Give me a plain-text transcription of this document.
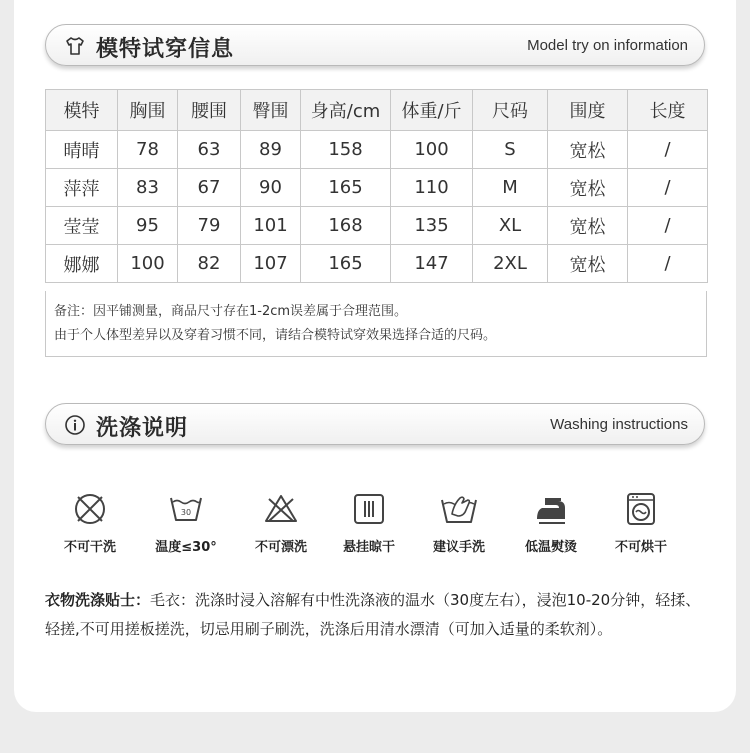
模特试穿信息	Model try on information
模特	胸围	腰围	臀围	身高/cm	体重/斤	尺码	围度	长度
晴晴	78	63	89	158	100	S	宽松	/
萍萍	83	67	90	165	110	M	宽松	/
莹莹	95	79	101	168	135	XL	宽松	/
娜娜	100	82	107	165	147	2XL	宽松	/
备注：因平铺测量，商品尺寸存在1-2cm误差属于合理范围。
由于个人体型差异以及穿着习惯不同，请结合模特试穿效果选择合适的尺码。
洗涤说明	Washing instructions
不可干洗
30
温度≤30°	不可漂洗	悬挂晾干	建议手洗	低温熨烫	不可烘干
衣物洗涤贴士：毛衣：洗涤时浸入溶解有中性洗涤液的温水（30度左右），浸泡10-20分钟，轻揉、轻搓,不可用搓板搓洗，切忌用刷子刷洗，洗涤后用清水漂清（可加入适量的柔软剂）。
